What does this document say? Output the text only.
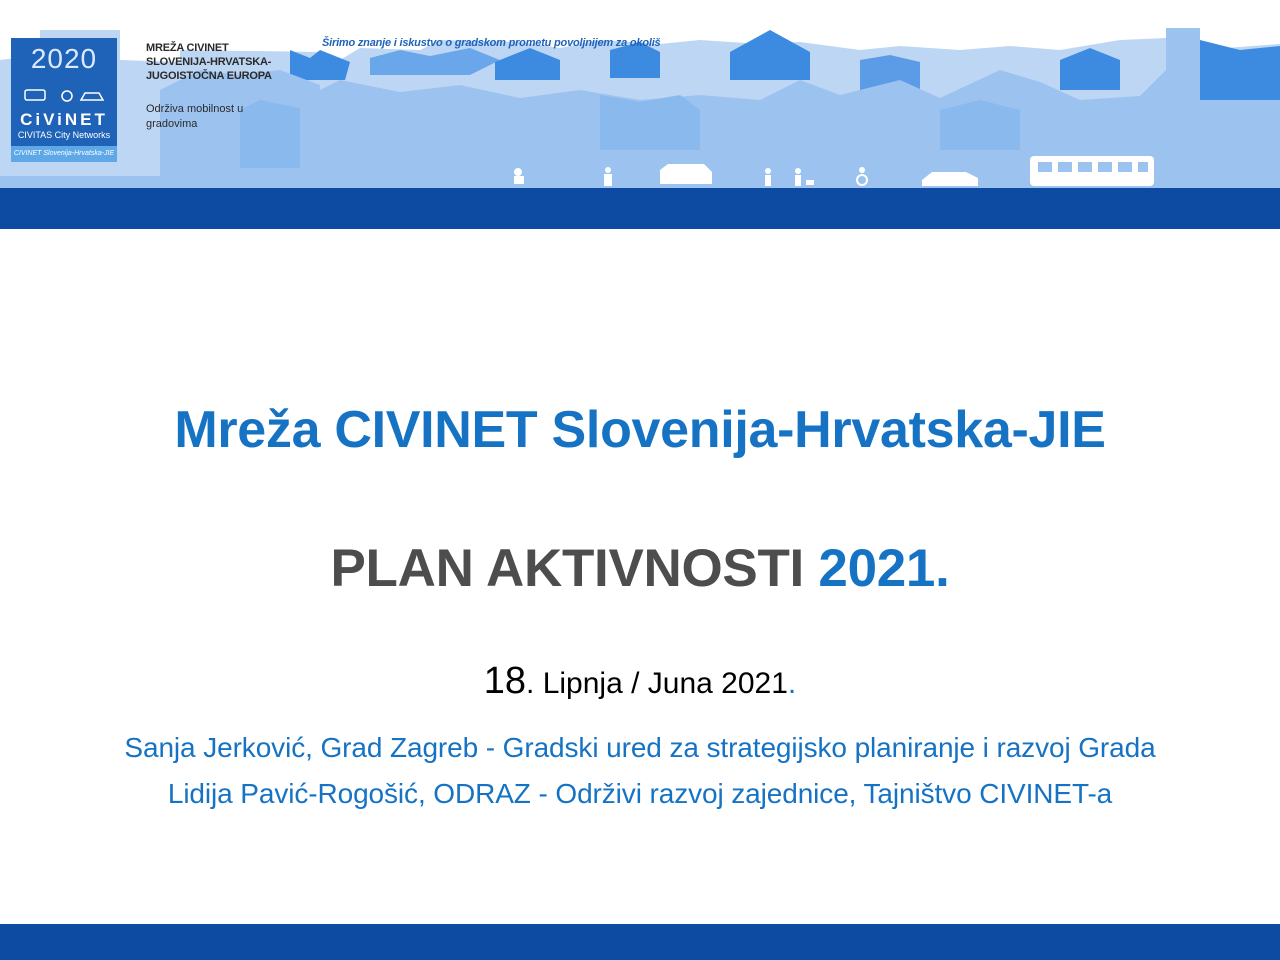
2020
CiViNET
CIVITAS City Networks
CIVINET Slovenija-Hrvatska-JIE
MREŽA CIVINET
SLOVENIJA-HRVATSKA-
JUGOISTOČNA EUROPA
Održiva mobilnost u
gradovima
Širimo znanje i iskustvo o gradskom prometu povoljnijem za okoliš
Mreža CIVINET Slovenija-Hrvatska-JIE
PLAN AKTIVNOSTI 2021.
18. Lipnja / Juna 2021.
Sanja Jerković, Grad Zagreb - Gradski ured za strategijsko planiranje i razvoj Grada
Lidija Pavić-Rogošić, ODRAZ - Održivi razvoj zajednice, Tajništvo CIVINET-a
